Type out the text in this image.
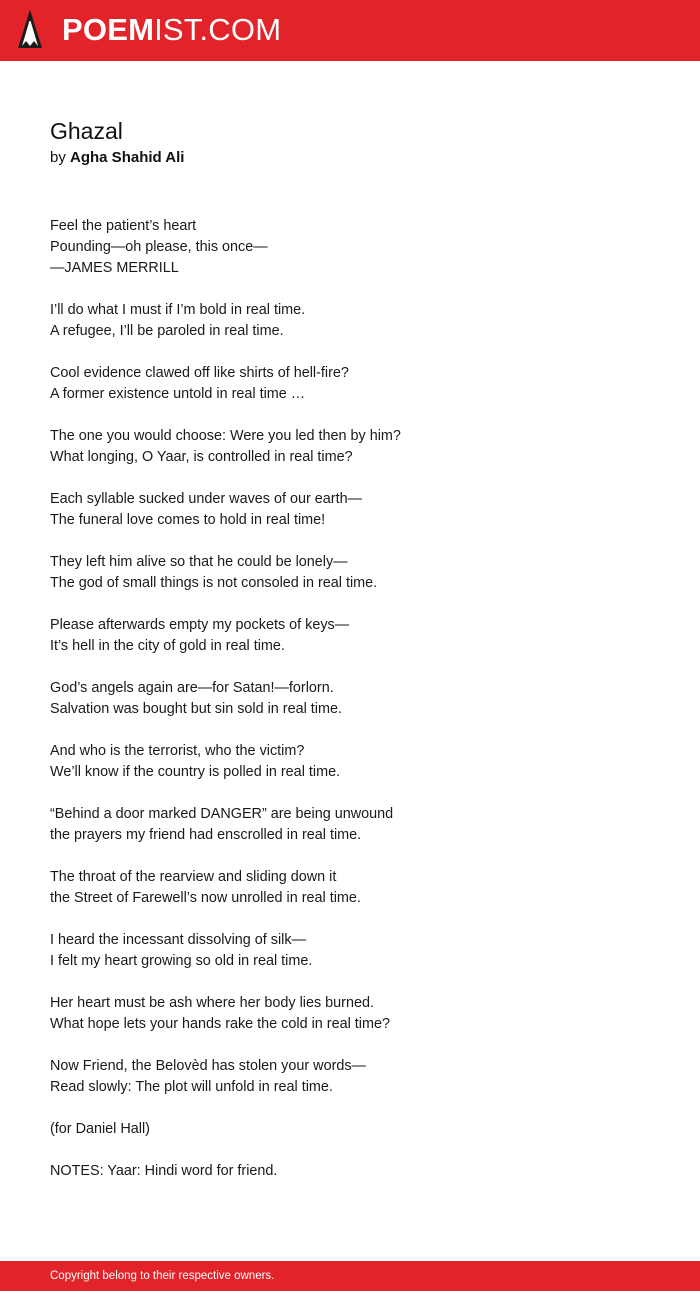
POEMIST.COM
Ghazal
by Agha Shahid Ali

Feel the patient’s heart
Pounding—oh please, this once—
—JAMES MERRILL

I’ll do what I must if I’m bold in real time.
A refugee, I’ll be paroled in real time.

Cool evidence clawed off like shirts of hell-fire?
A former existence untold in real time …

The one you would choose: Were you led then by him?
What longing, O Yaar, is controlled in real time?

Each syllable sucked under waves of our earth—
The funeral love comes to hold in real time!

They left him alive so that he could be lonely—
The god of small things is not consoled in real time.

Please afterwards empty my pockets of keys—
It’s hell in the city of gold in real time.

God’s angels again are—for Satan!—forlorn.
Salvation was bought but sin sold in real time.

And who is the terrorist, who the victim?
We’ll know if the country is polled in real time.

“Behind a door marked DANGER” are being unwound
the prayers my friend had enscrolled in real time.

The throat of the rearview and sliding down it
the Street of Farewell’s now unrolled in real time.

I heard the incessant dissolving of silk—
I felt my heart growing so old in real time.

Her heart must be ash where her body lies burned.
What hope lets your hands rake the cold in real time?

Now Friend, the Belovèd has stolen your words—
Read slowly: The plot will unfold in real time.

(for Daniel Hall)

NOTES: Yaar: Hindi word for friend.

Copyright belong to their respective owners.
